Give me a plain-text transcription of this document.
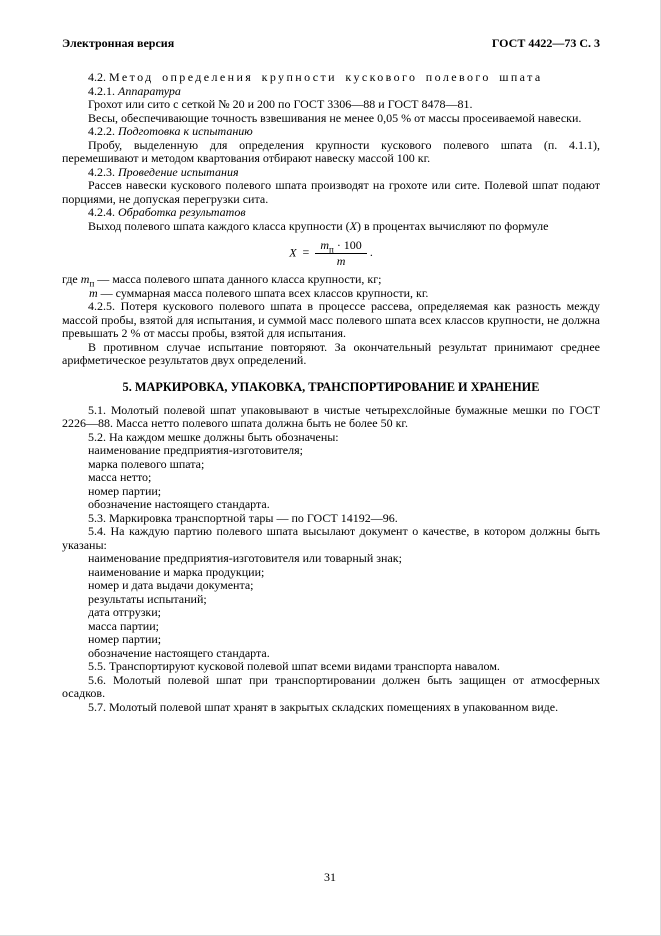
Электронная версия	ГОСТ 4422—73 С. 3

4.2. Метод определения крупности кускового полевого шпата

4.2.1. Аппаратура

Грохот или сито с сеткой № 20 и 200 по ГОСТ 3306—88 и ГОСТ 8478—81.

Весы, обеспечивающие точность взвешивания не менее 0,05 % от массы просеиваемой навески.

4.2.2. Подготовка к испытанию

Пробу, выделенную для определения крупности кускового полевого шпата (п. 4.1.1), перемешивают и методом квартования отбирают навеску массой 100 кг.

4.2.3. Проведение испытания

Рассев навески кускового полевого шпата производят на грохоте или сите. Полевой шпат подают порциями, не допуская перегрузки сита.

4.2.4. Обработка результатов

Выход полевого шпата каждого класса крупности (X) в процентах вычисляют по формуле

$X = \frac{m_п \cdot 100}{m}$ .

где $m_п$ — масса полевого шпата данного класса крупности, кг;

m — суммарная масса полевого шпата всех классов крупности, кг.

4.2.5. Потеря кускового полевого шпата в процессе рассева, определяемая как разность между массой пробы, взятой для испытания, и суммой масс полевого шпата всех классов крупности, не должна превышать 2 % от массы пробы, взятой для испытания.

В противном случае испытание повторяют. За окончательный результат принимают среднее арифметическое результатов двух определений.

5. МАРКИРОВКА, УПАКОВКА, ТРАНСПОРТИРОВАНИЕ И ХРАНЕНИЕ

5.1. Молотый полевой шпат упаковывают в чистые четырехслойные бумажные мешки по ГОСТ 2226—88. Масса нетто полевого шпата должна быть не более 50 кг.

5.2. На каждом мешке должны быть обозначены:

наименование предприятия-изготовителя;

марка полевого шпата;

масса нетто;

номер партии;

обозначение настоящего стандарта.

5.3. Маркировка транспортной тары — по ГОСТ 14192—96.

5.4. На каждую партию полевого шпата высылают документ о качестве, в котором должны быть указаны:

наименование предприятия-изготовителя или товарный знак;

наименование и марка продукции;

номер и дата выдачи документа;

результаты испытаний;

дата отгрузки;

масса партии;

номер партии;

обозначение настоящего стандарта.

5.5. Транспортируют кусковой полевой шпат всеми видами транспорта навалом.

5.6. Молотый полевой шпат при транспортировании должен быть защищен от атмосферных осадков.

5.7. Молотый полевой шпат хранят в закрытых складских помещениях в упакованном виде.

31
